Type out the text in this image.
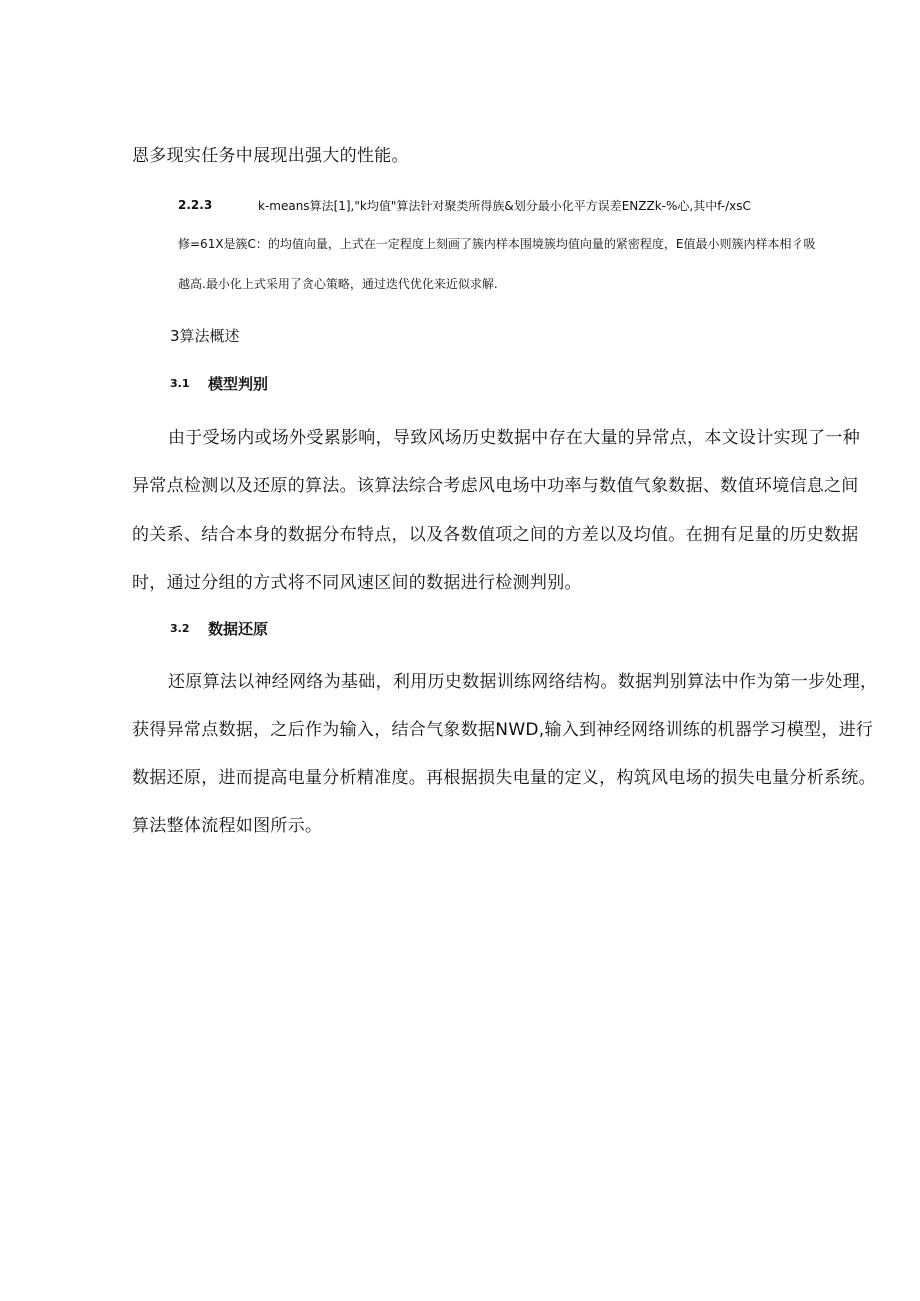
恩多现实任务中展现出强大的性能。

2.2.3	k-means算法[1],"k均值"算法针对聚类所得族&划分最小化平方误差ENZZk-%心,其中f-/xsC

修=61X是簇C：的均值向量，上式在一定程度上刻画了簇内样本围境簇均值向量的紧密程度，E值最小则簇内样本相彳吸

越高.最小化上式采用了贪心策略，通过迭代优化来近似求解.

3算法概述
3.1 模型判别

由于受场内或场外受累影响，导致风场历史数据中存在大量的异常点，本文设计实现了一种

异常点检测以及还原的算法。该算法综合考虑风电场中功率与数值气象数据、数值环境信息之间

的关系、结合本身的数据分布特点，以及各数值项之间的方差以及均值。在拥有足量的历史数据

时，通过分组的方式将不同风速区间的数据进行检测判别。

3.2 数据还原

还原算法以神经网络为基础，利用历史数据训练网络结构。数据判别算法中作为第一步处理，

获得异常点数据，之后作为输入，结合气象数据NWD,输入到神经网络训练的机器学习模型，进行

数据还原，进而提高电量分析精准度。再根据损失电量的定义，构筑风电场的损失电量分析系统。

算法整体流程如图所示。
